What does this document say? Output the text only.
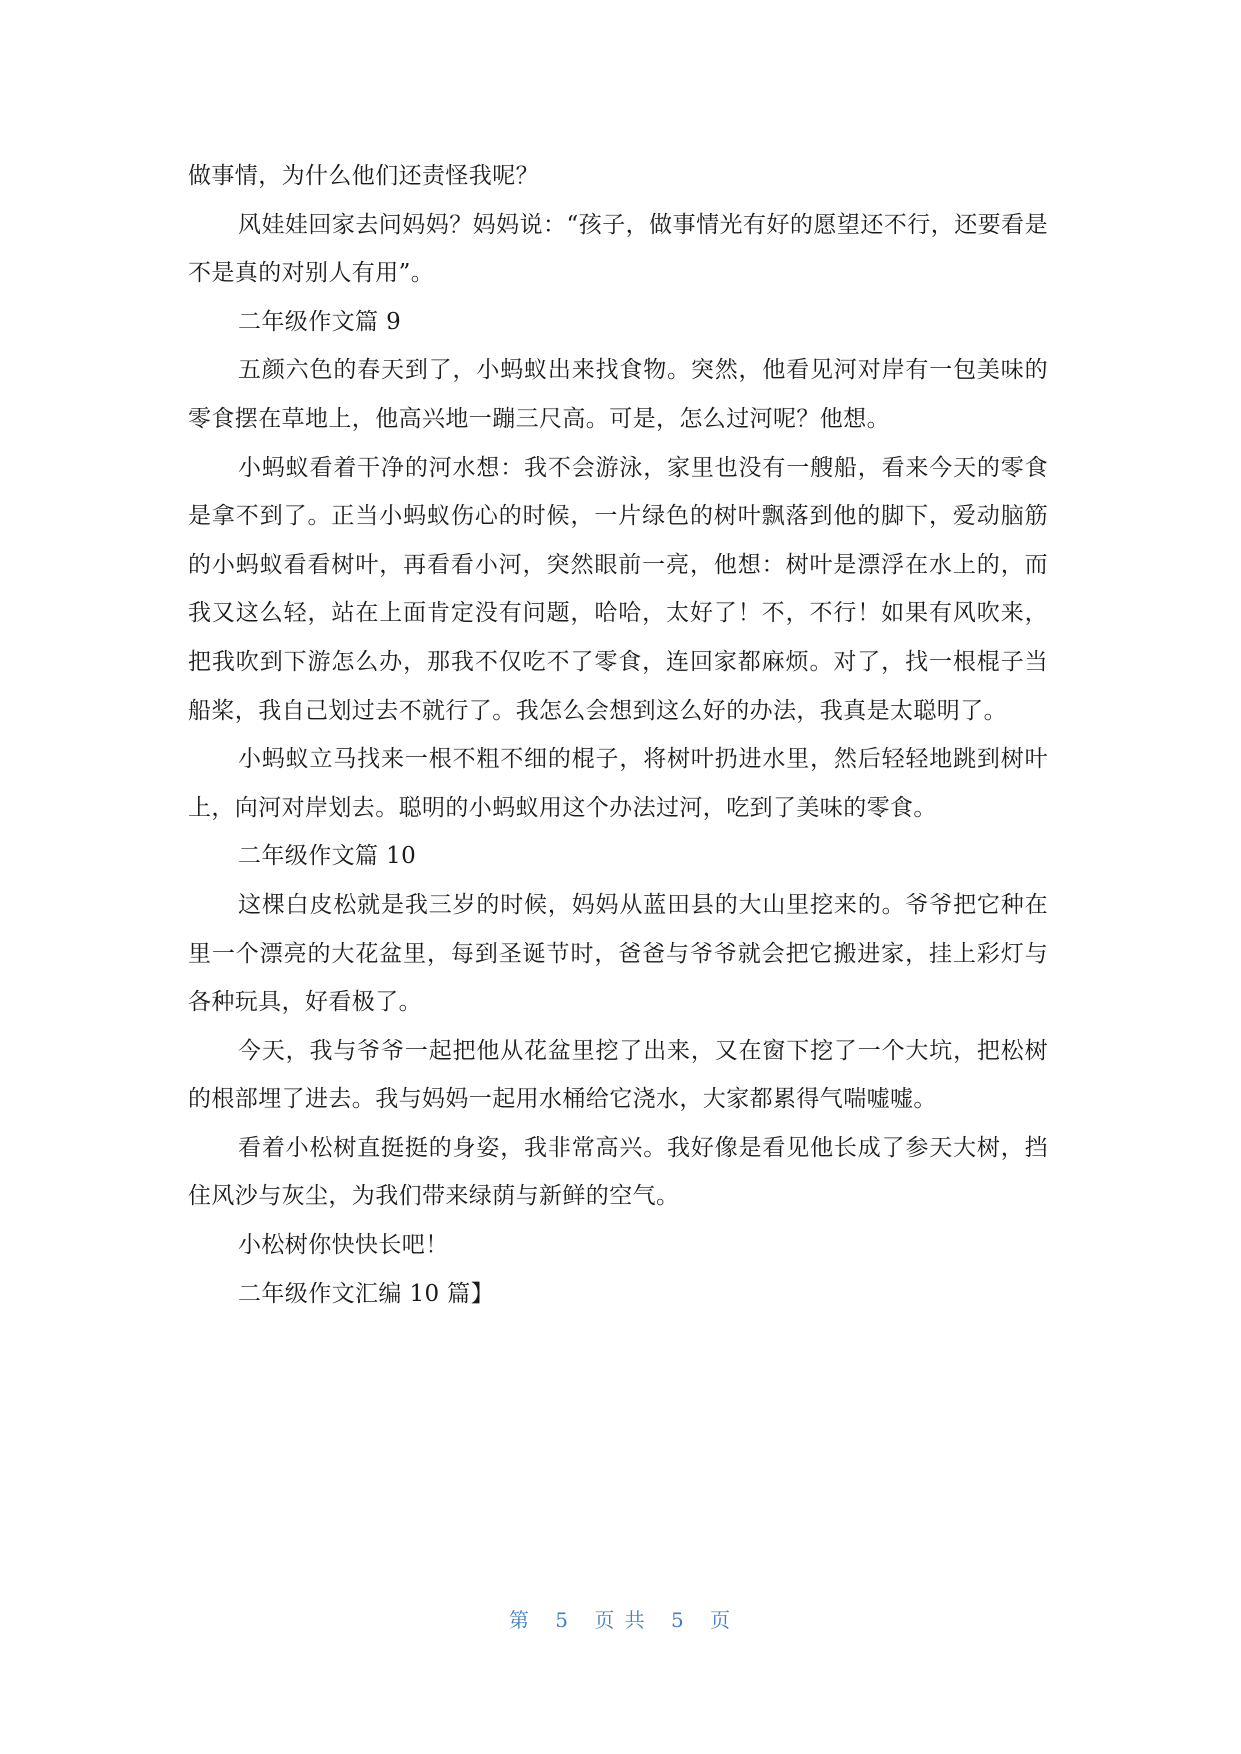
做事情，为什么他们还责怪我呢？

风娃娃回家去问妈妈？妈妈说：“孩子，做事情光有好的愿望还不行，还要看是不是真的对别人有用”。

二年级作文篇 9

五颜六色的春天到了，小蚂蚁出来找食物。突然，他看见河对岸有一包美味的零食摆在草地上，他高兴地一蹦三尺高。可是，怎么过河呢？他想。

小蚂蚁看着干净的河水想：我不会游泳，家里也没有一艘船，看来今天的零食是拿不到了。正当小蚂蚁伤心的时候，一片绿色的树叶飘落到他的脚下，爱动脑筋的小蚂蚁看看树叶，再看看小河，突然眼前一亮，他想：树叶是漂浮在水上的，而我又这么轻，站在上面肯定没有问题，哈哈，太好了！不，不行！如果有风吹来，把我吹到下游怎么办，那我不仅吃不了零食，连回家都麻烦。对了，找一根棍子当船桨，我自己划过去不就行了。我怎么会想到这么好的办法，我真是太聪明了。

小蚂蚁立马找来一根不粗不细的棍子，将树叶扔进水里，然后轻轻地跳到树叶上，向河对岸划去。聪明的小蚂蚁用这个办法过河，吃到了美味的零食。

二年级作文篇 10

这棵白皮松就是我三岁的时候，妈妈从蓝田县的大山里挖来的。爷爷把它种在里一个漂亮的大花盆里，每到圣诞节时，爸爸与爷爷就会把它搬进家，挂上彩灯与各种玩具，好看极了。

今天，我与爷爷一起把他从花盆里挖了出来，又在窗下挖了一个大坑，把松树的根部埋了进去。我与妈妈一起用水桶给它浇水，大家都累得气喘嘘嘘。

看着小松树直挺挺的身姿，我非常高兴。我好像是看见他长成了参天大树，挡住风沙与灰尘，为我们带来绿荫与新鲜的空气。

小松树你快快长吧！

二年级作文汇编 10 篇】

第 5 页 共 5 页
